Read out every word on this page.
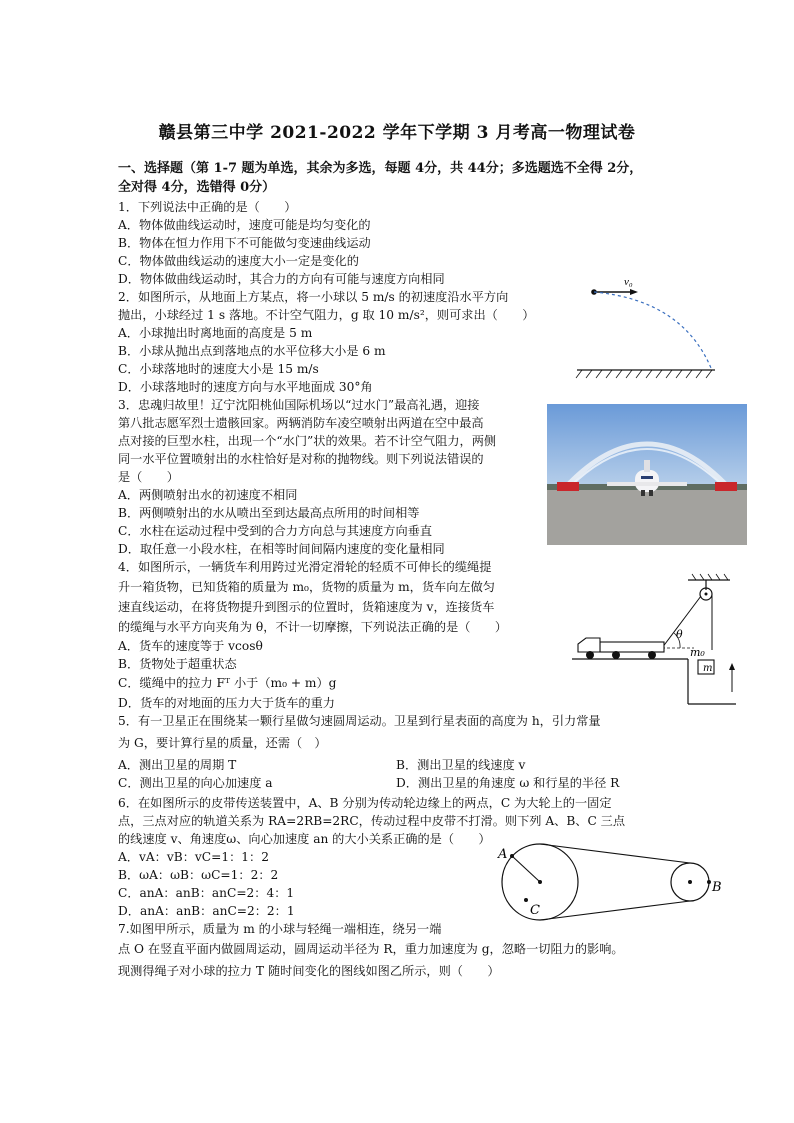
赣县第三中学 2021-2022 学年下学期 3 月考高一物理试卷
一、选择题（第 1-7 题为单选，其余为多选，每题 4分，共 44分；多选题选不全得 2分，
全对得 4分，选错得 0分）
1．下列说法中正确的是（　　）
A．物体做曲线运动时，速度可能是均匀变化的
B．物体在恒力作用下不可能做匀变速曲线运动
C．物体做曲线运动的速度大小一定是变化的
D．物体做曲线运动时，其合力的方向有可能与速度方向相同
2．如图所示，从地面上方某点，将一小球以 5 m/s 的初速度沿水平方向
抛出，小球经过 1 s 落地。不计空气阻力，g 取 10 m/s²，则可求出（　　）
A．小球抛出时离地面的高度是 5 m
B．小球从抛出点到落地点的水平位移大小是 6 m
C．小球落地时的速度大小是 15 m/s
D．小球落地时的速度方向与水平地面成 30°角
3．忠魂归故里！辽宁沈阳桃仙国际机场以“过水门”最高礼遇，迎接
第八批志愿军烈士遗骸回家。两辆消防车凌空喷射出两道在空中最高
点对接的巨型水柱，出现一个“水门”状的效果。若不计空气阻力，两侧
同一水平位置喷射出的水柱恰好是对称的抛物线。则下列说法错误的
是（　　）
A．两侧喷射出水的初速度不相同
B．两侧喷射出的水从喷出至到达最高点所用的时间相等
C．水柱在运动过程中受到的合力方向总与其速度方向垂直
D．取任意一小段水柱，在相等时间间隔内速度的变化量相同
4．如图所示，一辆货车利用跨过光滑定滑轮的轻质不可伸长的缆绳提
升一箱货物，已知货箱的质量为 m₀，货物的质量为 m，货车向左做匀
速直线运动，在将货物提升到图示的位置时，货箱速度为 v，连接货车
的缆绳与水平方向夹角为 θ，不计一切摩擦，下列说法正确的是（　　）
A．货车的速度等于 vcosθ
B．货物处于超重状态
C．缆绳中的拉力 Fᵀ 小于（m₀ + m）g
D．货车的对地面的压力大于货车的重力
5．有一卫星正在围绕某一颗行星做匀速圆周运动。卫星到行星表面的高度为 h，引力常量
为 G，要计算行星的质量，还需（　）
A．测出卫星的周期 T	B．测出卫星的线速度 v
C．测出卫星的向心加速度 a	D．测出卫星的角速度 ω 和行星的半径 R
6．在如图所示的皮带传送装置中，A、B 分别为传动轮边缘上的两点，C 为大轮上的一固定
点，三点对应的轨道关系为 RA=2RB=2RC，传动过程中皮带不打滑。则下列 A、B、C 三点
的线速度 v、角速度ω、向心加速度 an 的大小关系正确的是（　　）
A．vA：vB：vC=1：1：2
B．ωA：ωB：ωC=1：2：2
C．anA：anB：anC=2：4：1
D．anA：anB：anC=2：2：1
7.如图甲所示，质量为 m 的小球与轻绳一端相连，绕另一端
点 O 在竖直平面内做圆周运动，圆周运动半径为 R，重力加速度为 g，忽略一切阻力的影响。
现测得绳子对小球的拉力 T 随时间变化的图线如图乙所示，则（　　）
v₀
θ
m₀
m
A
C
B
